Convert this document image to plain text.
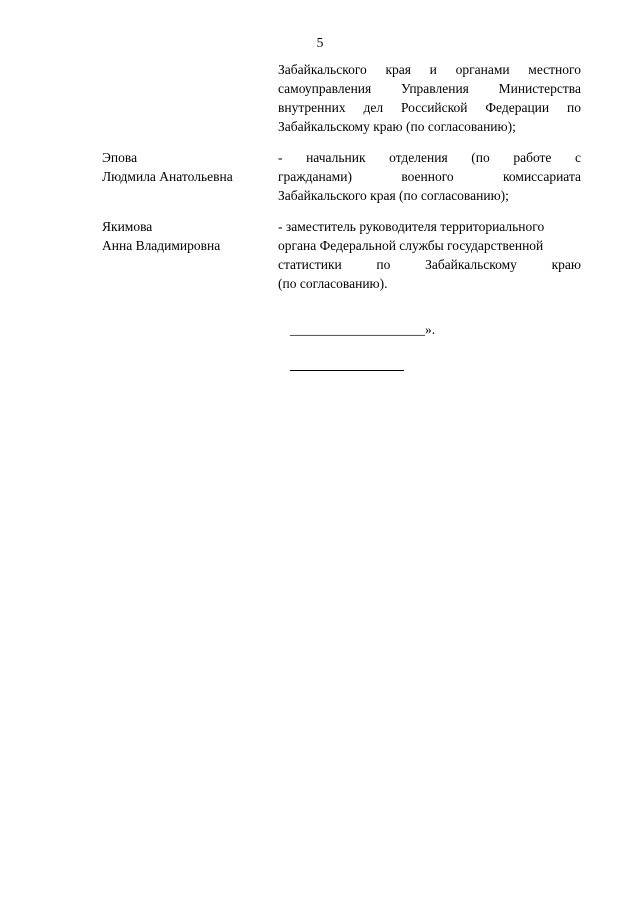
5
Забайкальского края и органами местного
самоуправления Управления Министерства
внутренних дел Российской Федерации по
Забайкальскому краю (по согласованию);
Эпова
Людмила Анатольевна
- начальник отделения (по работе с
гражданами)	военного	комиссариата
Забайкальского края (по согласованию);
Якимова
Анна Владимировна
- заместитель руководителя территориального
органа Федеральной службы государственной
статистики	по	Забайкальскому	краю
(по согласованию).
____________________».
